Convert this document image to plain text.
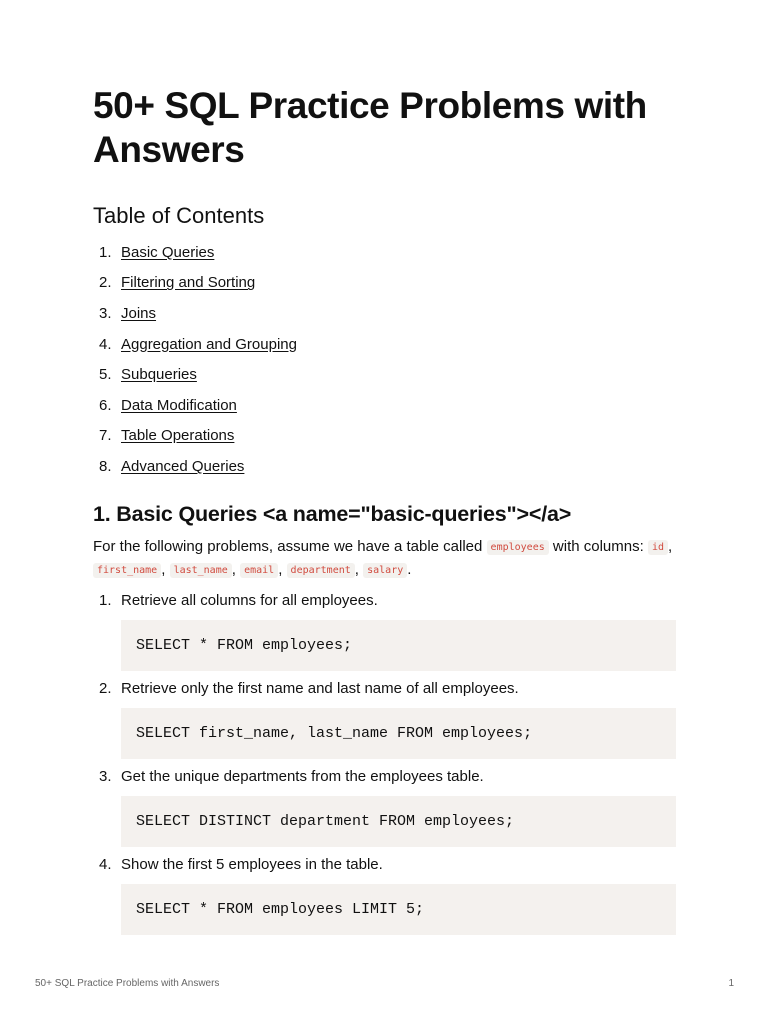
50+ SQL Practice Problems with Answers
Table of Contents
1. Basic Queries
2. Filtering and Sorting
3. Joins
4. Aggregation and Grouping
5. Subqueries
6. Data Modification
7. Table Operations
8. Advanced Queries
1. Basic Queries <a name="basic-queries"></a>

For the following problems, assume we have a table called employees with columns: id , first_name , last_name , email , department , salary .

1. Retrieve all columns for all employees.
SELECT * FROM employees;
2. Retrieve only the first name and last name of all employees.
SELECT first_name, last_name FROM employees;
3. Get the unique departments from the employees table.
SELECT DISTINCT department FROM employees;
4. Show the first 5 employees in the table.
SELECT * FROM employees LIMIT 5;
50+ SQL Practice Problems with Answers	1
